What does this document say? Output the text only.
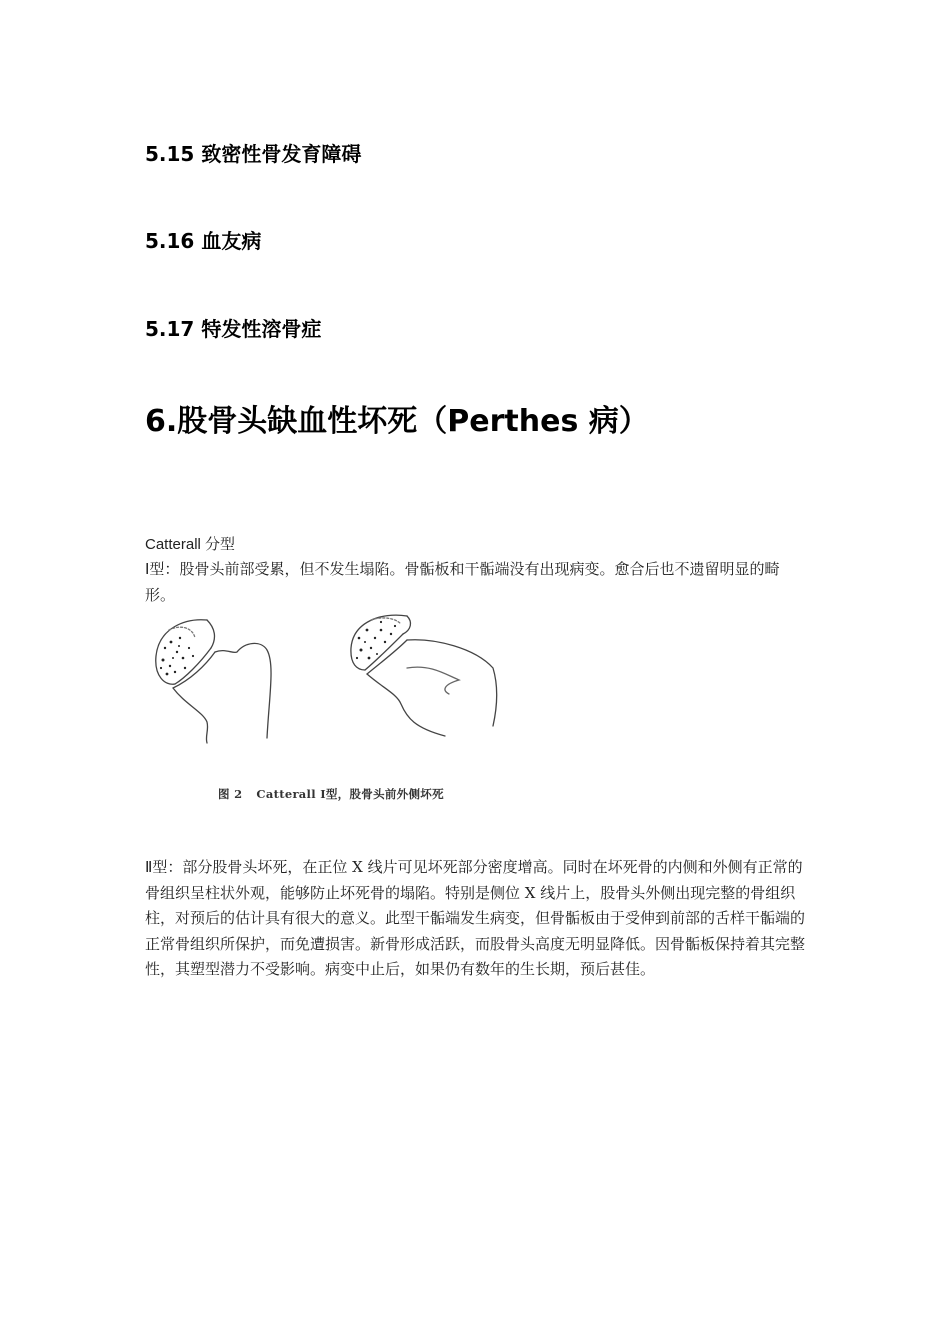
5.15 致密性骨发育障碍
5.16 血友病
5.17 特发性溶骨症
6.股骨头缺血性坏死（Perthes 病）

Catterall 分型

Ⅰ型：股骨头前部受累，但不发生塌陷。骨骺板和干骺端没有出现病变。愈合后也不遗留明显的畸形。

图 2 Catterall Ⅰ型，股骨头前外侧坏死

Ⅱ型：部分股骨头坏死，在正位 X 线片可见坏死部分密度增高。同时在坏死骨的内侧和外侧有正常的骨组织呈柱状外观，能够防止坏死骨的塌陷。特别是侧位 X 线片上，股骨头外侧出现完整的骨组织柱，对预后的估计具有很大的意义。此型干骺端发生病变，但骨骺板由于受伸到前部的舌样干骺端的正常骨组织所保护，而免遭损害。新骨形成活跃，而股骨头高度无明显降低。因骨骺板保持着其完整性，其塑型潜力不受影响。病变中止后，如果仍有数年的生长期，预后甚佳。
